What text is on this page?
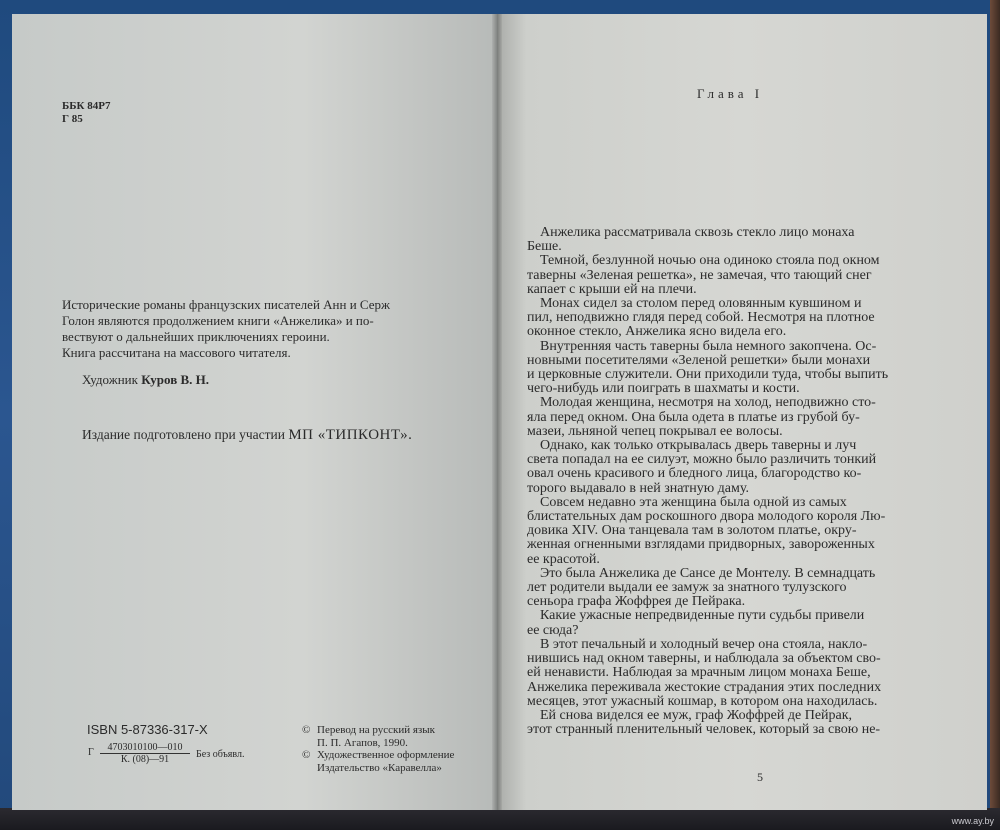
ББК 84Р7
Г 85

Исторические романы французских писателей Анн и Серж

Голон являются продолжением книги «Анжелика» и по-

вествуют о дальнейших приключениях героини.

Книга рассчитана на массового читателя.

Художник Куров В. Н.
Издание подготовлено при участии МП «ТИПКОНТ».
ISBN 5-87336-317-X
Г	4703010100—010
К. (08)—91	Без объявл.
© Перевод на русский язык
П. П. Агапов, 1990.
© Художественное оформление
Издательство «Каравелла»
Глава I

Анжелика рассматривала сквозь стекло лицо монаха

Беше.

Темной, безлунной ночью она одиноко стояла под окном

таверны «Зеленая решетка», не замечая, что тающий снег

капает с крыши ей на плечи.

Монах сидел за столом перед оловянным кувшином и

пил, неподвижно глядя перед собой. Несмотря на плотное

оконное стекло, Анжелика ясно видела его.

Внутренняя часть таверны была немного закопчена. Ос-

новными посетителями «Зеленой решетки» были монахи

и церковные служители. Они приходили туда, чтобы выпить

чего-нибудь или поиграть в шахматы и кости.

Молодая женщина, несмотря на холод, неподвижно сто-

яла перед окном. Она была одета в платье из грубой бу-

мазеи, льняной чепец покрывал ее волосы.

Однако, как только открывалась дверь таверны и луч

света попадал на ее силуэт, можно было различить тонкий

овал очень красивого и бледного лица, благородство ко-

торого выдавало в ней знатную даму.

Совсем недавно эта женщина была одной из самых

блистательных дам роскошного двора молодого короля Лю-

довика XIV. Она танцевала там в золотом платье, окру-

женная огненными взглядами придворных, завороженных

ее красотой.

Это была Анжелика де Сансе де Монтелу. В семнадцать

лет родители выдали ее замуж за знатного тулузского

сеньора графа Жоффрея де Пейрака.

Какие ужасные непредвиденные пути судьбы привели

ее сюда?

В этот печальный и холодный вечер она стояла, накло-

нившись над окном таверны, и наблюдала за объектом сво-

ей ненависти. Наблюдая за мрачным лицом монаха Беше,

Анжелика переживала жестокие страдания этих последних

месяцев, этот ужасный кошмар, в котором она находилась.

Ей снова виделся ее муж, граф Жоффрей де Пейрак,

этот странный пленительный человек, который за свою не-

5
www.ay.by
